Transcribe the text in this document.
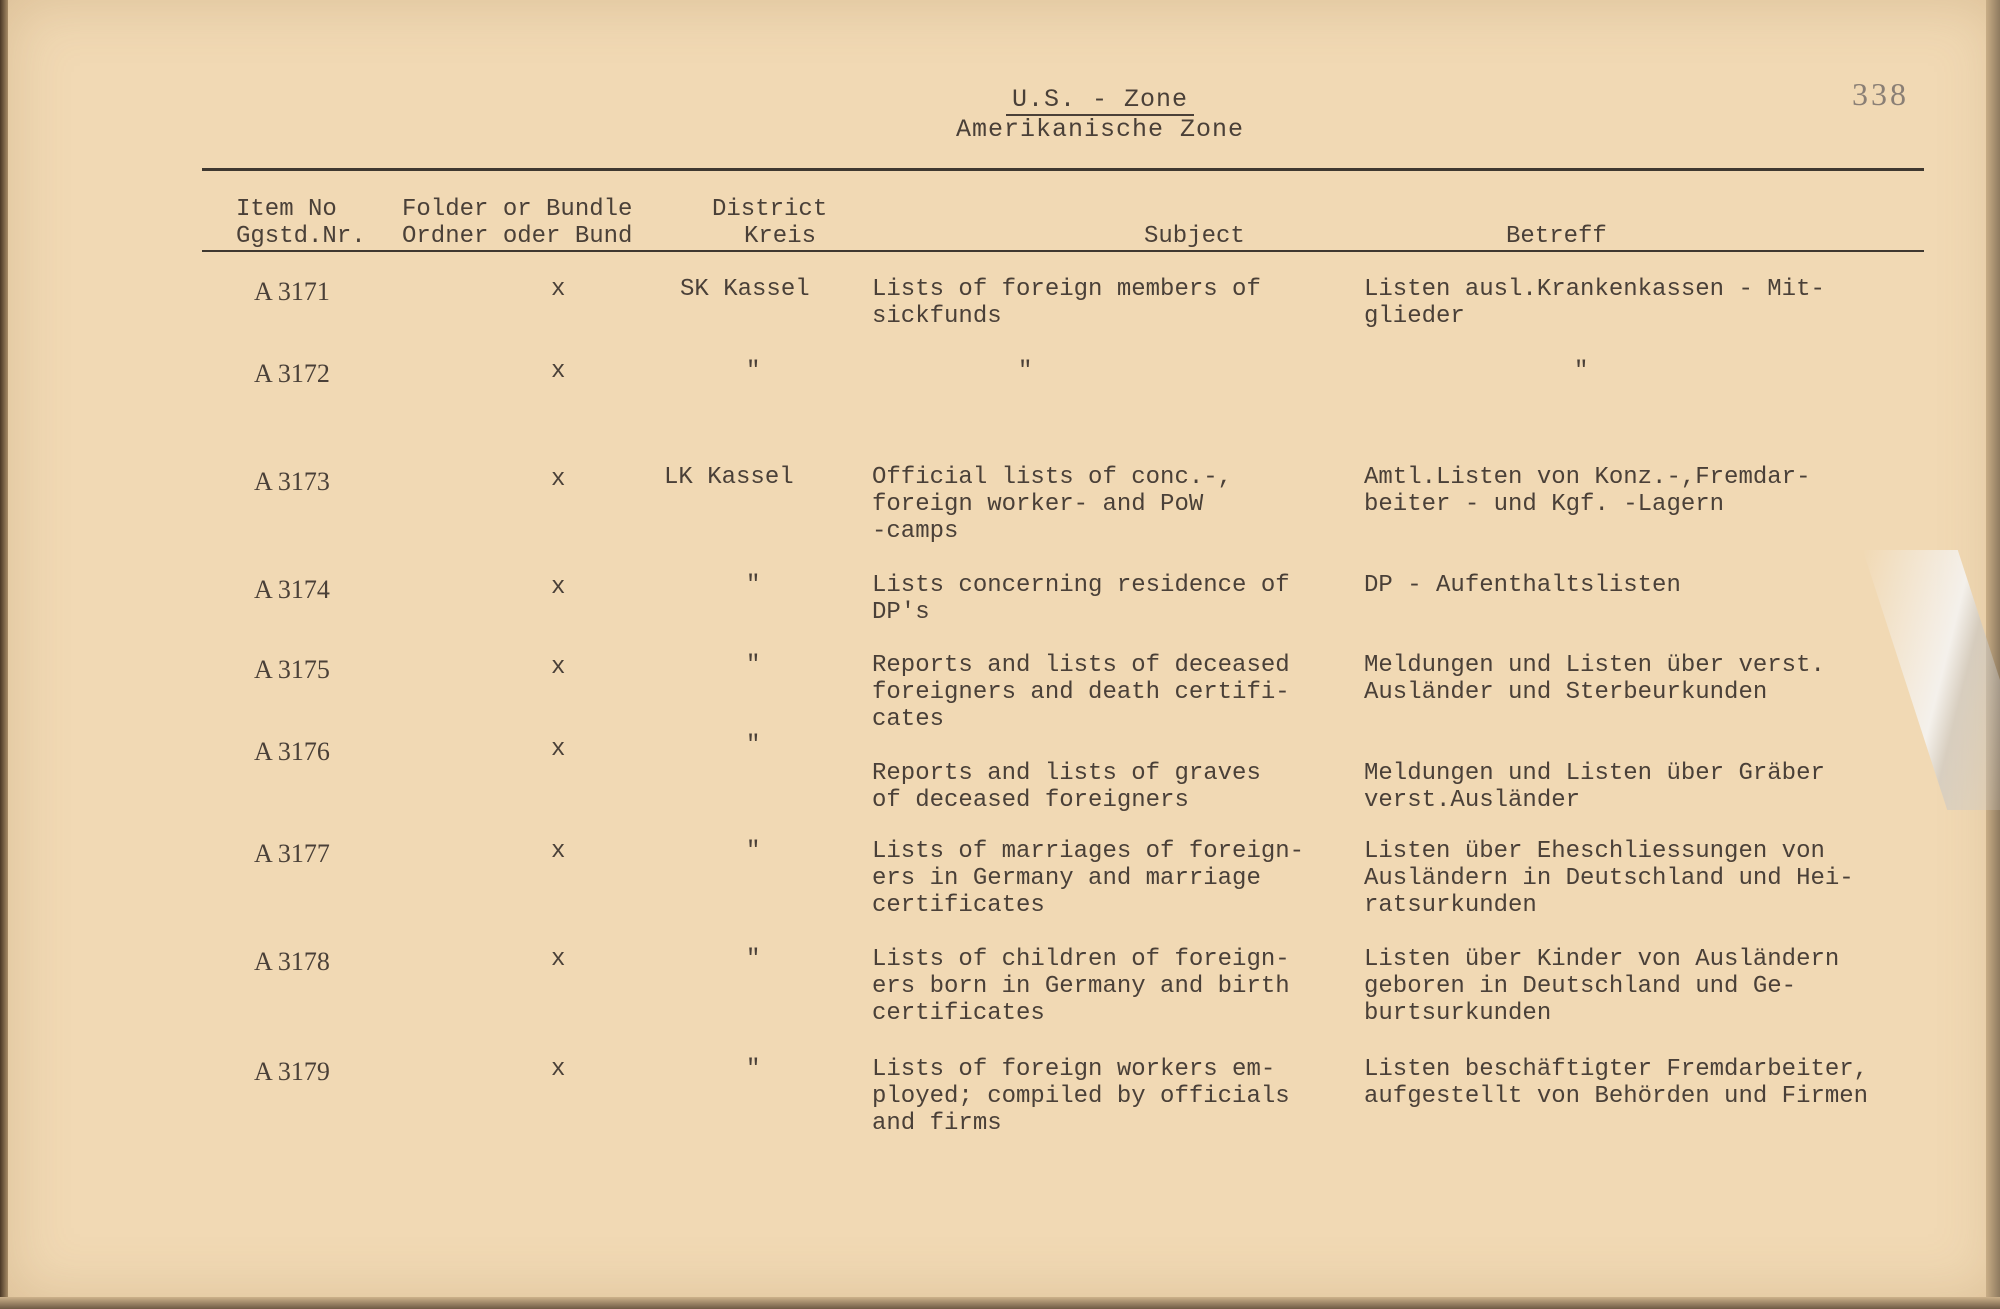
U.S. - Zone
Amerikanische Zone
338
Item No
Ggstd.Nr.
Folder or Bundle
Ordner oder Bund
District
Kreis	Subject	Betreff
A 3171	x	SK Kassel	Lists of foreign members of
sickfunds
Listen ausl.Krankenkassen - Mit-
glieder
A 3172	x	"	"	"
A 3173	x	LK Kassel	Official lists of conc.-,
foreign worker- and PoW
-camps
Amtl.Listen von Konz.-,Fremdar-
beiter - und Kgf. -Lagern
A 3174	x	"	Lists concerning residence of
DP's
DP - Aufenthaltslisten
A 3175	x	"	Reports and lists of deceased
foreigners and death certifi-
cates
Meldungen und Listen über verst.
Ausländer und Sterbeurkunden
A 3176	x	"
Reports and lists of graves
of deceased foreigners
Meldungen und Listen über Gräber
verst.Ausländer
A 3177	x	"	Lists of marriages of foreign-
ers in Germany and marriage
certificates
Listen über Eheschliessungen von
Ausländern in Deutschland und Hei-
ratsurkunden
A 3178	x	"	Lists of children of foreign-
ers born in Germany and birth
certificates
Listen über Kinder von Ausländern
geboren in Deutschland und Ge-
burtsurkunden
A 3179	x	"	Lists of foreign workers em-
ployed; compiled by officials
and firms
Listen beschäftigter Fremdarbeiter,
aufgestellt von Behörden und Firmen
